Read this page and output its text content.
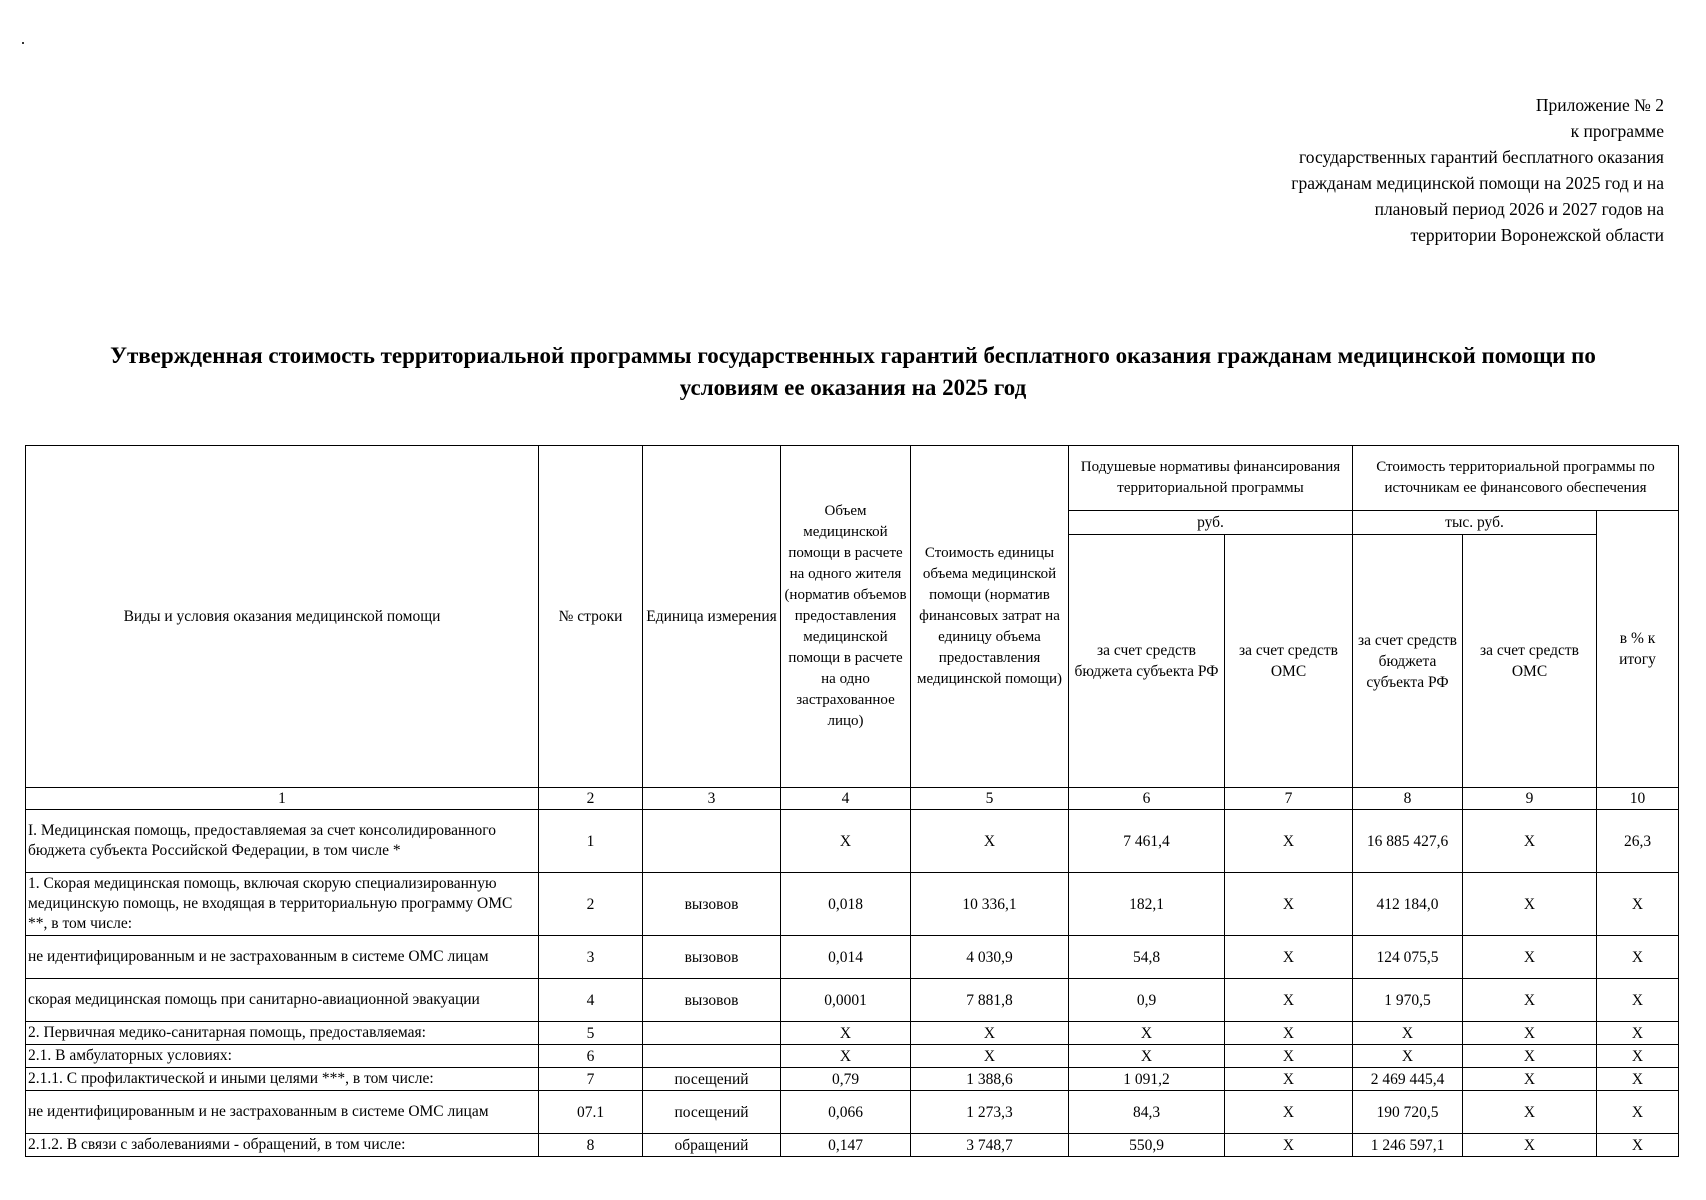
Приложение № 2
к программе
государственных гарантий бесплатного оказания
гражданам медицинской помощи на 2025 год и на
плановый период 2026 и 2027 годов на
территории Воронежской области
Утвержденная стоимость территориальной программы государственных гарантий бесплатного оказания гражданам медицинской помощи по
условиям ее оказания на 2025 год
Виды и условия оказания медицинской помощи	№ строки	Единица измерения	Объем медицинской помощи в расчете на одного жителя (норматив объемов предоставления медицинской помощи в расчете на одно застрахованное лицо)	Стоимость единицы объема медицинской помощи (норматив финансовых затрат на единицу объема предоставления медицинской помощи)	Подушевые нормативы финансирования территориальной программы		Стоимость территориальной программы по источникам ее финансового обеспечения		
					руб.		тыс. руб.		в % к итогу
					за счет средств бюджета субъекта РФ	за счет средств ОМС	за счет средств бюджета субъекта РФ	за счет средств ОМС	
1	2	3	4	5	6	7	8	9	10
I. Медицинская помощь, предоставляемая за счет консолидированного бюджета субъекта Российской Федерации, в том числе *	1		X	X	7 461,4	X	16 885 427,6	X	26,3
1. Скорая медицинская помощь, включая скорую специализированную медицинскую помощь, не входящая в территориальную программу ОМС **, в том числе:	2	вызовов	0,018	10 336,1	182,1	X	412 184,0	X	X
не идентифицированным и не застрахованным в системе ОМС лицам	3	вызовов	0,014	4 030,9	54,8	X	124 075,5	X	X
скорая медицинская помощь при санитарно-авиационной эвакуации	4	вызовов	0,0001	7 881,8	0,9	X	1 970,5	X	X
2. Первичная медико-санитарная помощь, предоставляемая:	5		X	X	X	X	X	X	X
2.1. В амбулаторных условиях:	6		X	X	X	X	X	X	X
2.1.1. С профилактической и иными целями ***, в том числе:	7	посещений	0,79	1 388,6	1 091,2	X	2 469 445,4	X	X
не идентифицированным и не застрахованным в системе ОМС лицам	07.1	посещений	0,066	1 273,3	84,3	X	190 720,5	X	X
2.1.2. В связи с заболеваниями - обращений, в том числе:	8	обращений	0,147	3 748,7	550,9	X	1 246 597,1	X	X
